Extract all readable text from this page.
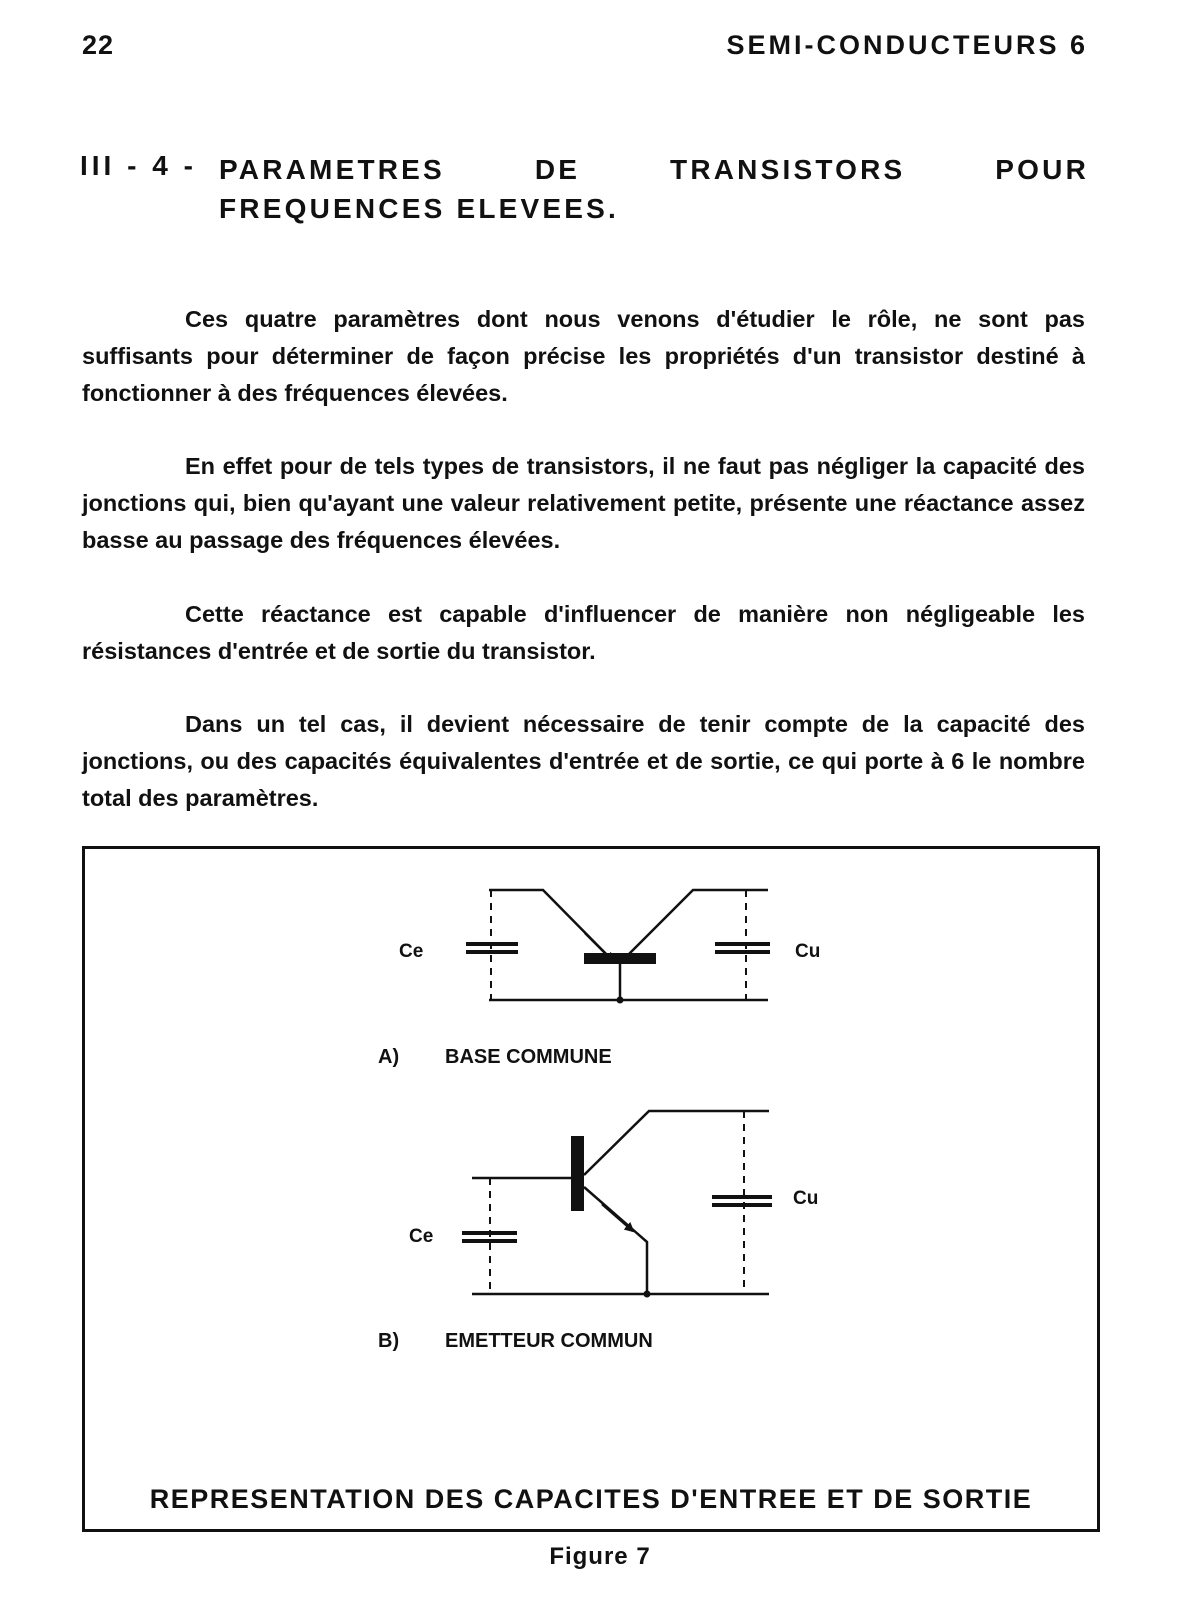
22	SEMI-CONDUCTEURS 6
III - 4 - PARAMETRES DE TRANSISTORS POUR FREQUENCES ELEVEES.

Ces quatre paramètres dont nous venons d'étudier le rôle, ne sont pas suffisants pour déterminer de façon précise les propriétés d'un transistor destiné à fonctionner à des fréquences élevées.

En effet pour de tels types de transistors, il ne faut pas négliger la capacité des jonctions qui, bien qu'ayant une valeur relativement petite, présente une réactance assez basse au passage des fréquences élevées.

Cette réactance est capable d'influencer de manière non négligeable les résistances d'entrée et de sortie du transistor.

Dans un tel cas, il devient nécessaire de tenir compte de la capacité des jonctions, ou des capacités équivalentes d'entrée et de sortie, ce qui porte à 6 le nombre total des paramètres.

Ce	Cu
A) BASE COMMUNE
Ce
Cu
B) EMETTEUR COMMUN
REPRESENTATION DES CAPACITES D'ENTREE ET DE SORTIE
Figure 7
